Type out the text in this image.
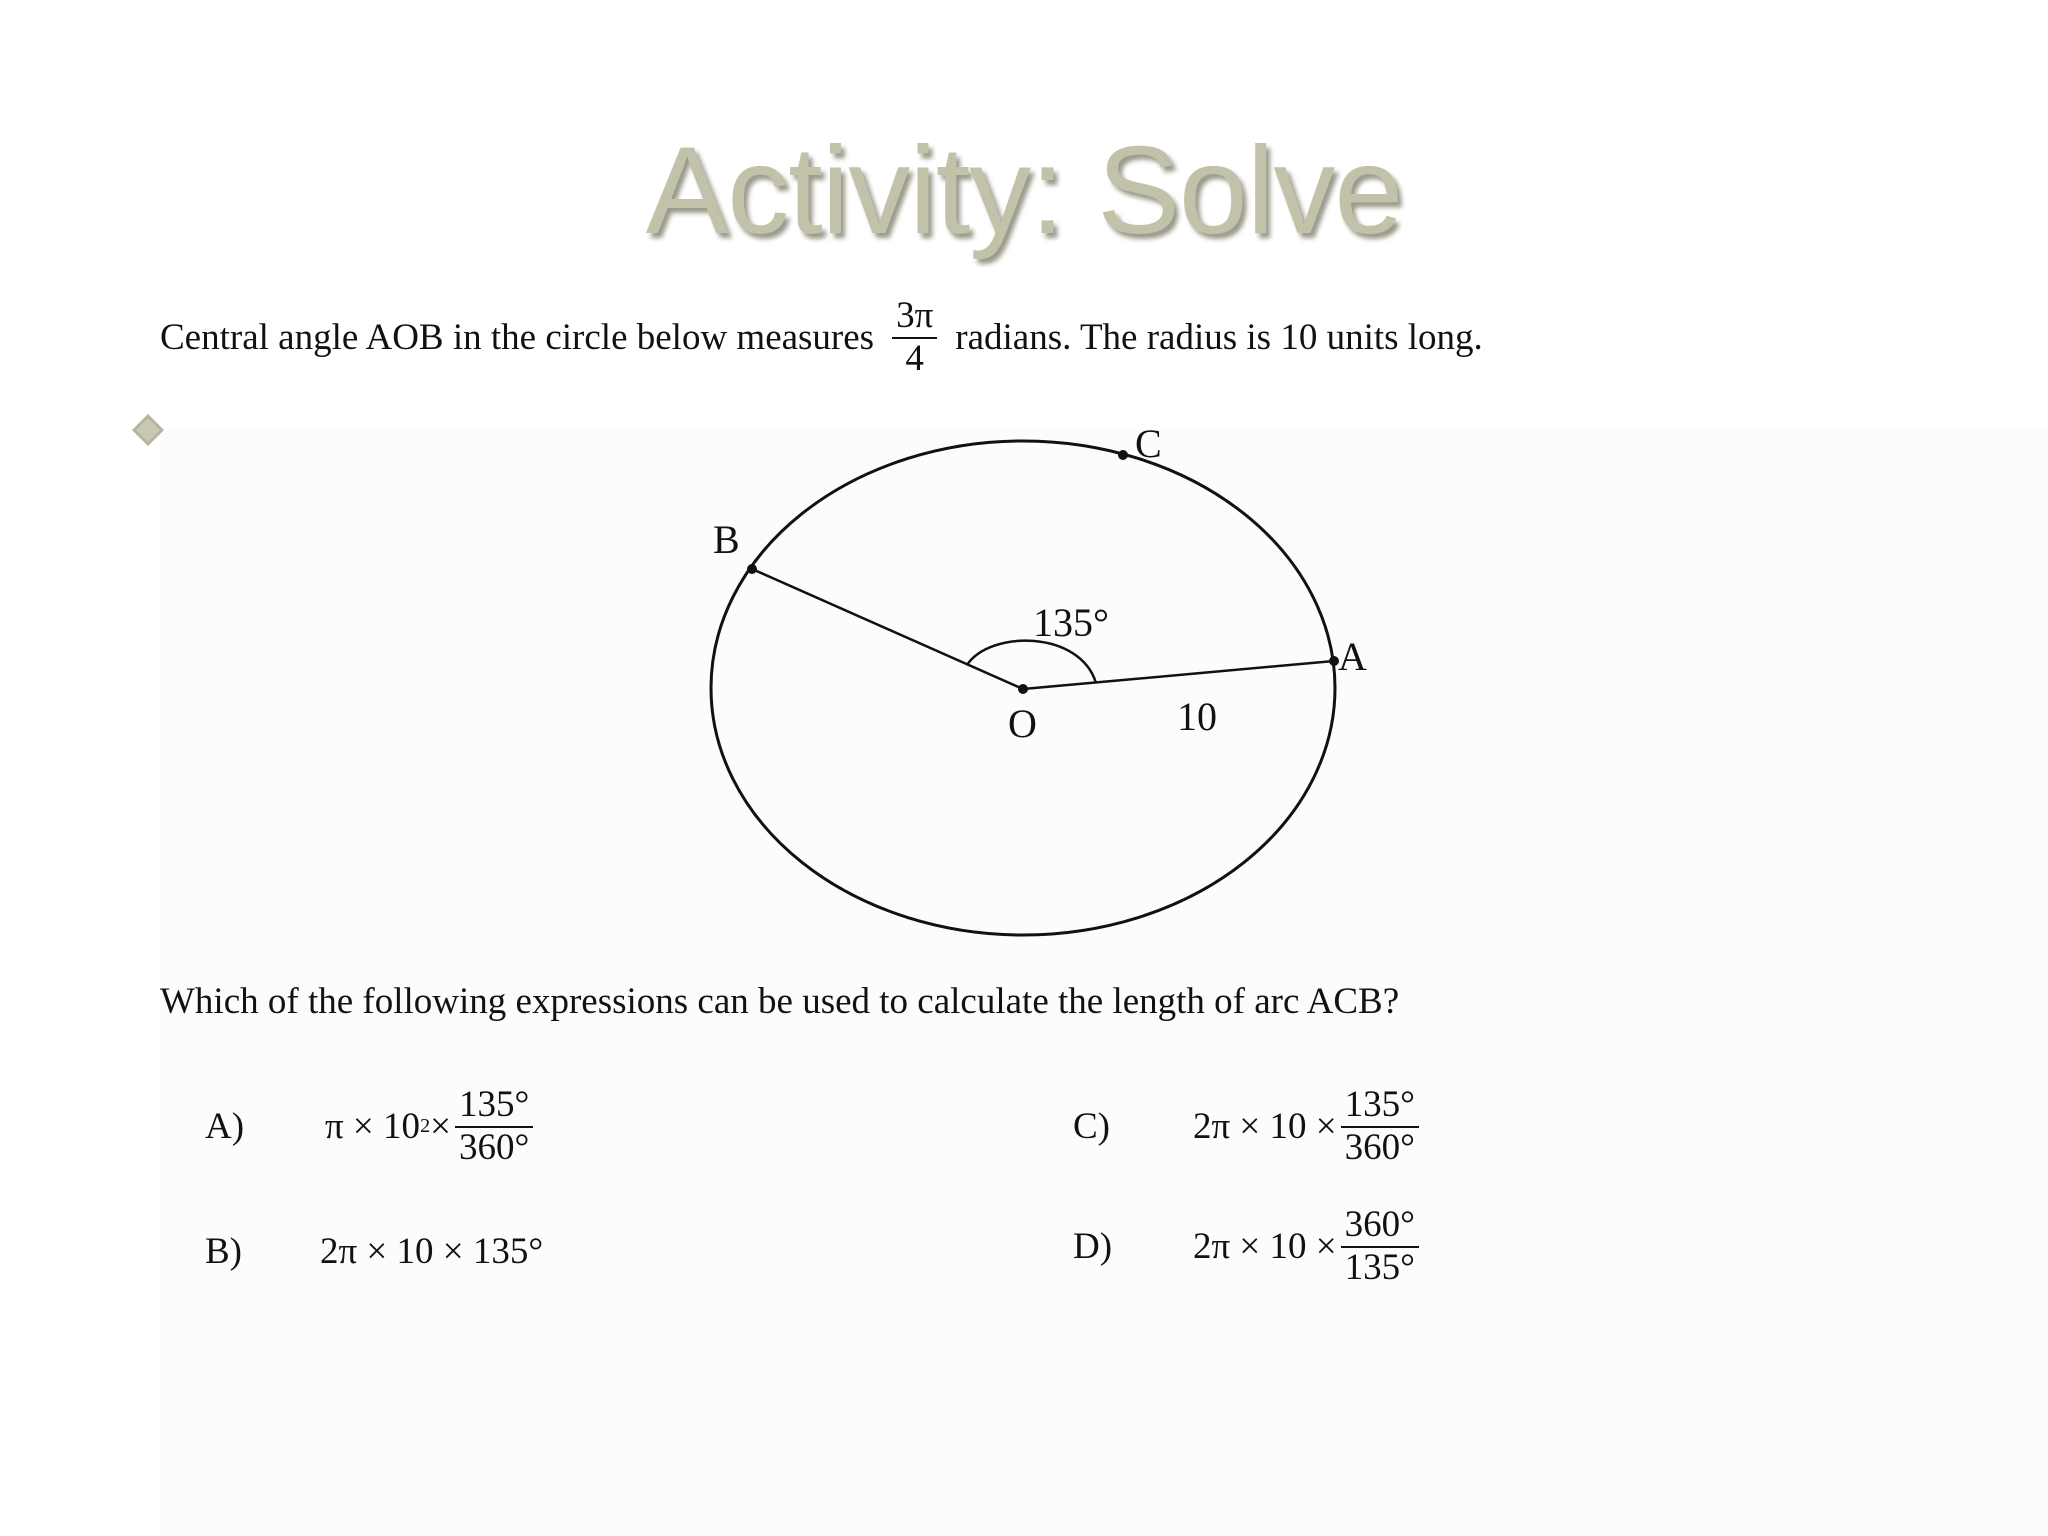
Activity: Solve
Central angle AOB in the circle below measures $\frac{3\pi}{4}$ radians. The radius is 10 units long.
A
B
C
O
135°
10
Which of the following expressions can be used to calculate the length of arc ACB?
A)	π × 10 $2 \times \frac{135^\circ}{360^\circ}$
B)	2π × 10 × 135°
C)	$2\pi \times 10 \times \frac{135^\circ}{360^\circ}$
D)	$2\pi \times 10 \times \frac{360^\circ}{135^\circ}$
